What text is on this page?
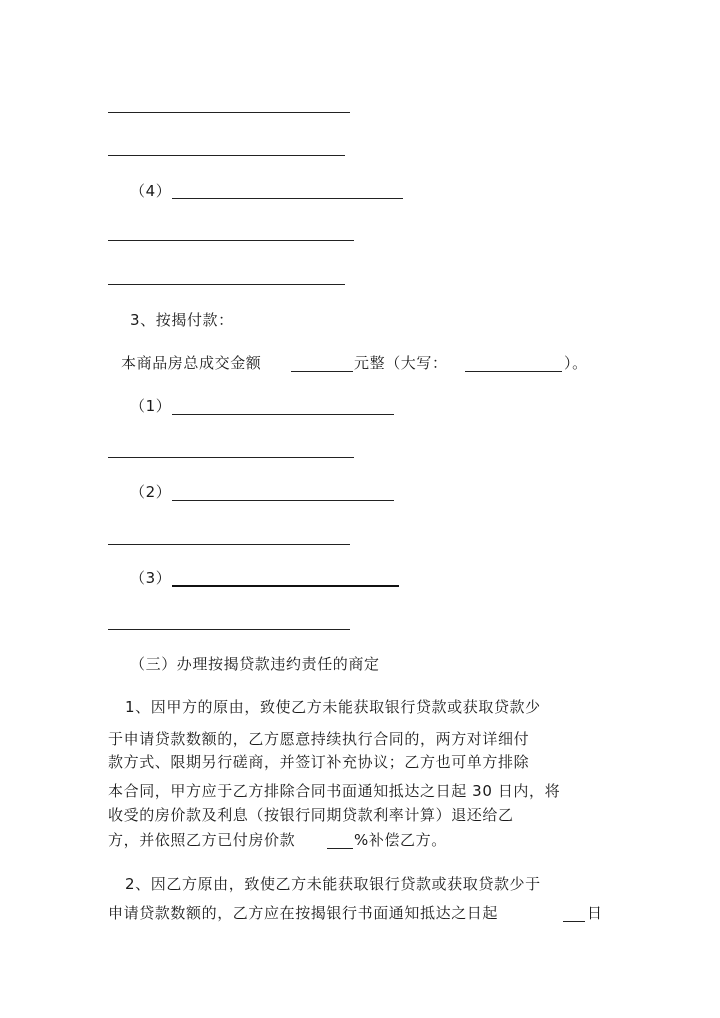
（4）
3、按揭付款：
本商品房总成交金额	元整（大写：	）。
（1）
（2）
（3）
（三）办理按揭贷款违约责任的商定
1、因甲方的原由，致使乙方未能获取银行贷款或获取贷款少
于申请贷款数额的，乙方愿意持续执行合同的，两方对详细付
款方式、限期另行磋商，并签订补充协议；乙方也可单方排除
本合同，甲方应于乙方排除合同书面通知抵达之日起 30 日内，将
收受的房价款及利息（按银行同期贷款利率计算）退还给乙
方，并依照乙方已付房价款	%补偿乙方。
2、因乙方原由，致使乙方未能获取银行贷款或获取贷款少于
申请贷款数额的，乙方应在按揭银行书面通知抵达之日起	日
